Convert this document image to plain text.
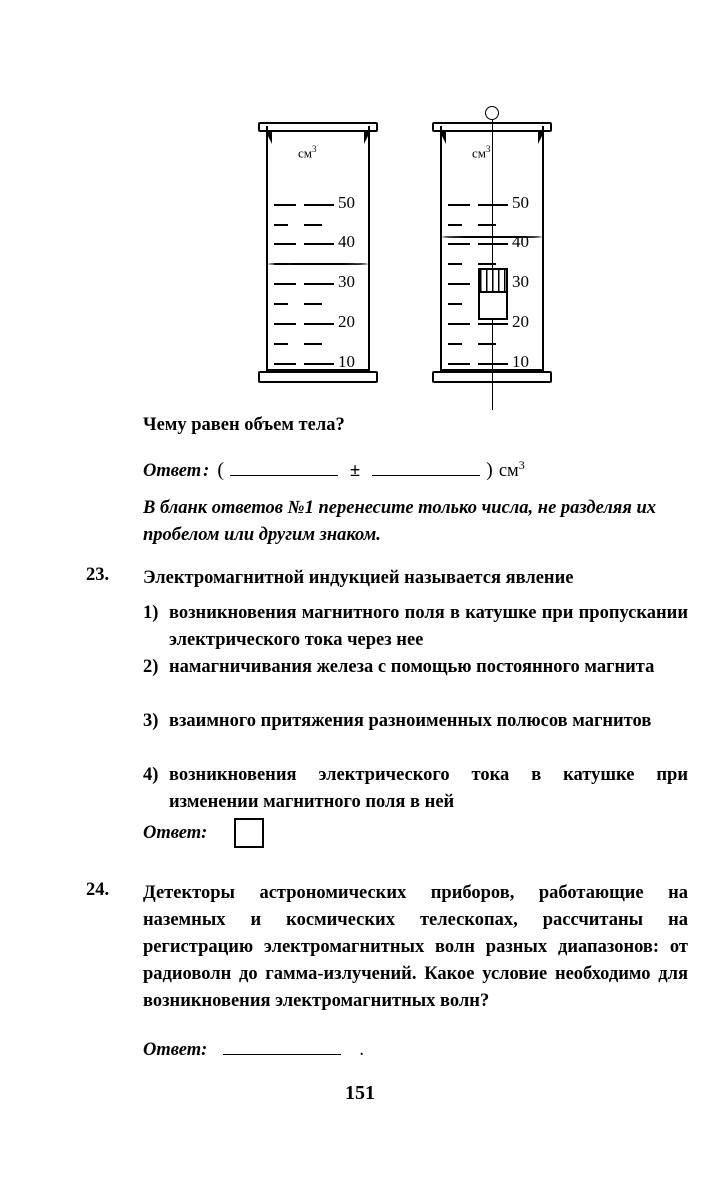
$см^3$
50
40
30
20
10
$см^3$
50
40
30
20
10
Чему равен объем тела?
Ответ : (	±	) $см^3$
В бланк ответов №1 перенесите только числа, не разделяя их пробелом или другим знаком.
23. Электромагнитной индукцией называется явление
1) возникновения магнитного поля в катушке при пропускании электрического тока через нее
2) намагничивания железа с помощью постоянного магнита
3) взаимного притяжения разноименных полюсов магнитов
4) возникновения электрического тока в катушке при изменении магнитного поля в ней
Ответ:
24. Детекторы астрономических приборов, работающие на наземных и космических телескопах, рассчитаны на регистрацию электромагнитных волн разных диапазонов: от радиоволн до гамма-излучений. Какое условие необходимо для возникновения электромагнитных волн?
Ответ:	.
151
